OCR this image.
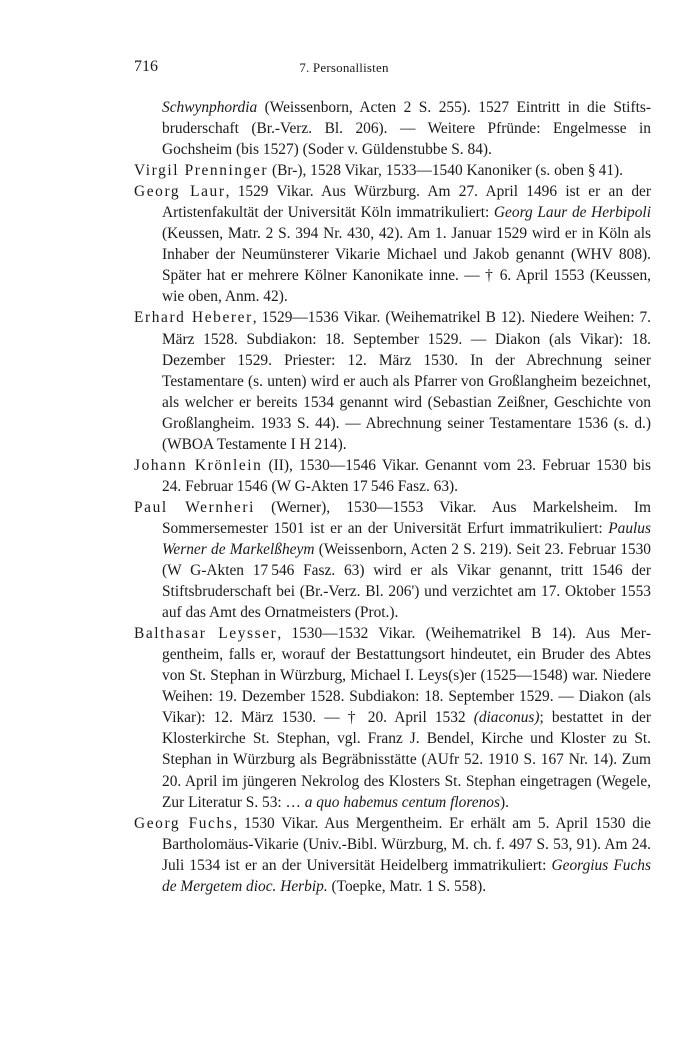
716	7. Personallisten

Schwynphordia (Weissenborn, Acten 2 S. 255). 1527 Eintritt in die Stiftsbruderschaft (Br.-Verz. Bl. 206). — Weitere Pfründe: Engelmesse in Gochsheim (bis 1527) (Soder v. Güldenstubbe S. 84).

Virgil Prenninger (Br-), 1528 Vikar, 1533—1540 Kanoniker (s. oben § 41).

Georg Laur, 1529 Vikar. Aus Würzburg. Am 27. April 1496 ist er an der Artistenfakultät der Universität Köln immatrikuliert: Georg Laur de Herbipoli (Keussen, Matr. 2 S. 394 Nr. 430, 42). Am 1. Januar 1529 wird er in Köln als Inhaber der Neumünsterer Vikarie Michael und Jakob genannt (WHV 808). Später hat er mehrere Kölner Kanonikate inne. — † 6. April 1553 (Keussen, wie oben, Anm. 42).

Erhard Heberer, 1529—1536 Vikar. (Weihematrikel B 12). Niedere Weihen: 7. März 1528. Subdiakon: 18. September 1529. — Diakon (als Vikar): 18. Dezember 1529. Priester: 12. März 1530. In der Abrechnung seiner Testamentare (s. unten) wird er auch als Pfarrer von Großlangheim bezeichnet, als welcher er bereits 1534 genannt wird (Sebastian Zeißner, Geschichte von Großlangheim. 1933 S. 44). — Abrechnung seiner Testamentare 1536 (s. d.) (WBOA Testamente I H 214).

Johann Krönlein (II), 1530—1546 Vikar. Genannt vom 23. Februar 1530 bis 24. Februar 1546 (W G-Akten 17 546 Fasz. 63).

Paul Wernheri (Werner), 1530—1553 Vikar. Aus Markelsheim. Im Sommersemester 1501 ist er an der Universität Erfurt immatrikuliert: Paulus Werner de Markelßheym (Weissenborn, Acten 2 S. 219). Seit 23. Februar 1530 (W G-Akten 17 546 Fasz. 63) wird er als Vikar genannt, tritt 1546 der Stiftsbruderschaft bei (Br.-Verz. Bl. 206') und verzichtet am 17. Oktober 1553 auf das Amt des Ornatmeisters (Prot.).

Balthasar Leysser, 1530—1532 Vikar. (Weihematrikel B 14). Aus Mergentheim, falls er, worauf der Bestattungsort hindeutet, ein Bruder des Abtes von St. Stephan in Würzburg, Michael I. Leys(s)er (1525—1548) war. Niedere Weihen: 19. Dezember 1528. Subdiakon: 18. September 1529. — Diakon (als Vikar): 12. März 1530. — † 20. April 1532 (diaconus); bestattet in der Klosterkirche St. Stephan, vgl. Franz J. Bendel, Kirche und Kloster zu St. Stephan in Würzburg als Begräbnisstätte (AUfr 52. 1910 S. 167 Nr. 14). Zum 20. April im jüngeren Nekrolog des Klosters St. Stephan eingetragen (Wegele, Zur Literatur S. 53: … a quo habemus centum florenos).

Georg Fuchs, 1530 Vikar. Aus Mergentheim. Er erhält am 5. April 1530 die Bartholomäus-Vikarie (Univ.-Bibl. Würzburg, M. ch. f. 497 S. 53, 91). Am 24. Juli 1534 ist er an der Universität Heidelberg immatrikuliert: Georgius Fuchs de Mergetem dioc. Herbip. (Toepke, Matr. 1 S. 558).
